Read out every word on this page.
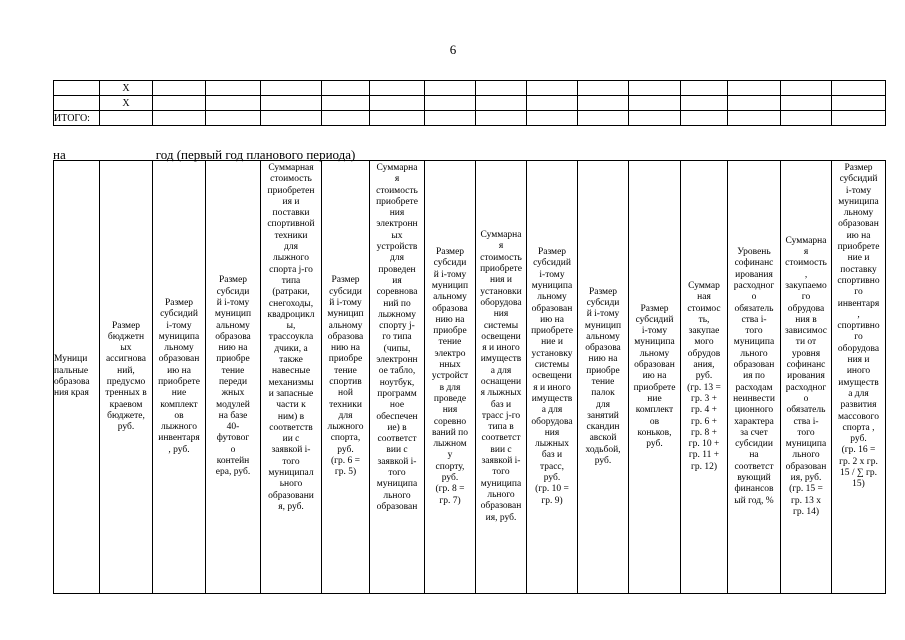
6
	X														
	X														
ИТОГО:															
на	год (первый год планового периода)
Муници
пальные
образова
ния края	Размер
бюджетн
ых
ассигнова
ний,
предусмо
тренных в
краевом
бюджете,
руб.	Размер
субсидий
i-тому
муниципа
льному
образован
ию на
приобрете
ние
комплект
ов
лыжного
инвентаря
, руб.	Размер
субсиди
й i-тому
муницип
альному
образова
нию на
приобре
тение
переди
жных
модулей
на базе
40-
футовог
о
контейн
ера, руб.	Суммарная
стоимость
приобретен
ия и
поставки
спортивной
техники
для
лыжного
спорта j-го
типа
(ратраки,
снегоходы,
квадроцикл
ы,
трассоукла
дчики, а
также
навесные
механизмы
и запасные
части к
ним) в
соответств
ии с
заявкой i-
того
муниципал
ьного
образовани
я, руб.	Размер
субсиди
й i-тому
муницип
альному
образова
нию на
приобре
тение
спортив
ной
техники
для
лыжного
спорта,
руб.
(гр. 6 =
гр. 5)	Суммарна
я
стоимость
приобрете
ния
электронн
ых
устройств
для
проведен
ия
соревнова
ний по
лыжному
спорту j-
го типа
(чипы,
электронн
ое табло,
ноутбук,
программ
ное
обеспечен
ие) в
соответст
вии с
заявкой i-
того
муниципа
льного
образован	Размер
субсиди
й i-тому
муницип
альному
образова
нию на
приобре
тение
электро
нных
устройст
в для
проведе
ния
соревно
ваний по
лыжном
у
спорту,
руб.
(гр. 8 =
гр. 7)	Суммарна
я
стоимость
приобрете
ния и
установки
оборудова
ния
системы
освещени
я и иного
имуществ
а для
оснащени
я лыжных
баз и
трасс j-го
типа в
соответст
вии с
заявкой i-
того
муниципа
льного
образован
ия, руб.	Размер
субсидий
i-тому
муниципа
льному
образован
ию на
приобрете
ние и
установку
системы
освещени
я и иного
имуществ
а для
оборудова
ния
лыжных
баз и
трасс,
руб.
(гр. 10 =
гр. 9)	Размер
субсиди
й i-тому
муницип
альному
образова
нию на
приобре
тение
палок
для
занятий
скандин
авской
ходьбой,
руб.	Размер
субсидий
i-тому
муниципа
льному
образован
ию на
приобрете
ние
комплект
ов
коньков,
руб.	Суммар
ная
стоимос
ть,
закупае
мого
обрудов
ания,
руб.
(гр. 13 =
гр. 3 +
гр. 4 +
гр. 6 +
гр. 8 +
гр. 10 +
гр. 11 +
гр. 12)	Уровень
софинанс
ирования
расходног
о
обязатель
ства i-
того
муниципа
льного
образован
ия по
расходам
неинвести
ционного
характера
за счет
субсидии
на
соответст
вующий
финансов
ый год, %	Суммарна
я
стоимость
,
закупаемо
го
обрудова
ния в
зависимос
ти от
уровня
софинанс
ирования
расходног
о
обязатель
ства i-
того
муниципа
льного
образован
ия, руб.
(гр. 15 =
гр. 13 х
гр. 14)	Размер
субсидий
i-тому
муниципа
льному
образован
ию на
приобрете
ние и
поставку
спортивно
го
инвентаря
,
спортивно
го
оборудова
ния и
иного
имуществ
а для
развития
массового
спорта ,
руб.
(гр. 16 =
гр. 2 х гр.
15 / ∑ гр.
15)
